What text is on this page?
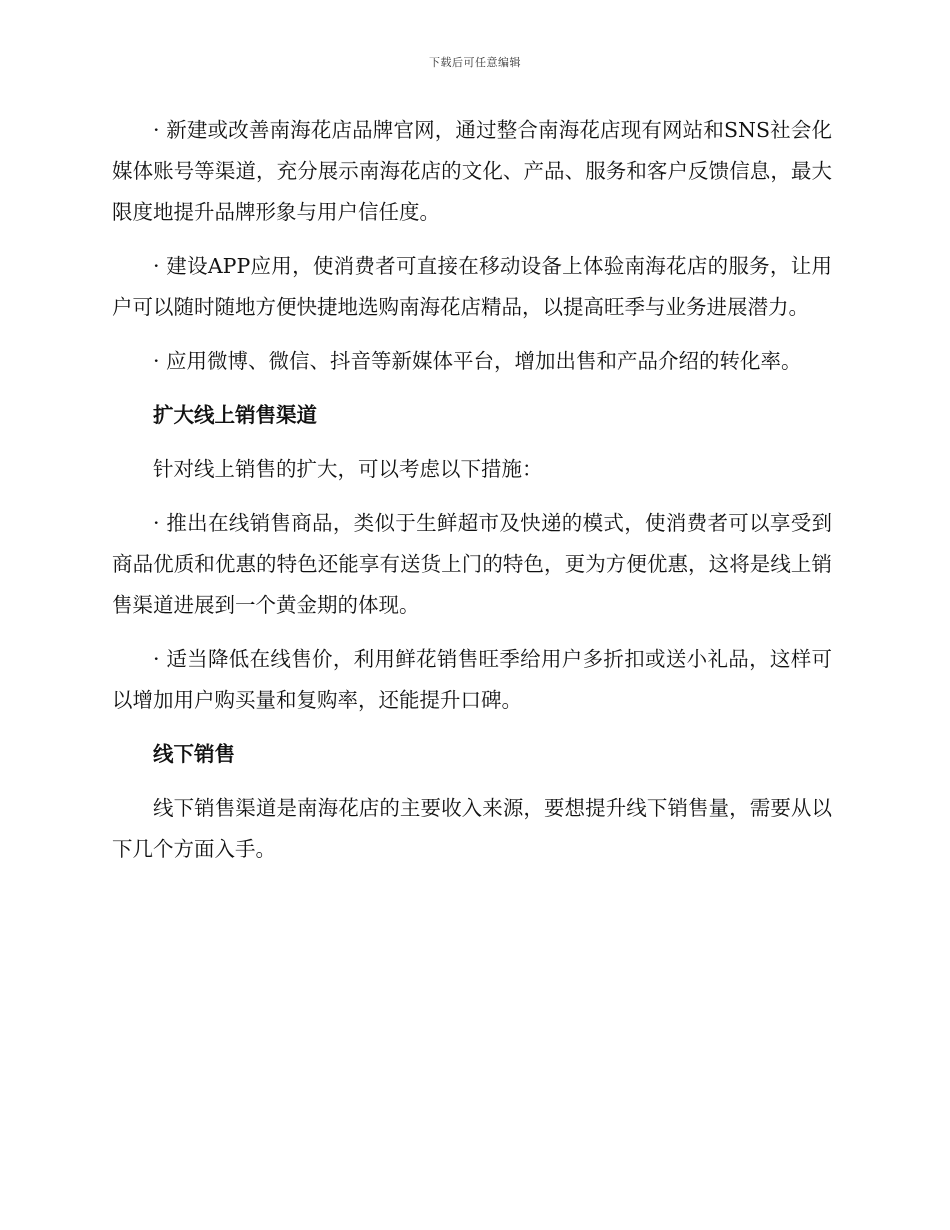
下载后可任意编辑

· 新建或改善南海花店品牌官网，通过整合南海花店现有网站和SNS社会化媒体账号等渠道，充分展示南海花店的文化、产品、服务和客户反馈信息，最大限度地提升品牌形象与用户信任度。

· 建设APP应用，使消费者可直接在移动设备上体验南海花店的服务，让用户可以随时随地方便快捷地选购南海花店精品，以提高旺季与业务进展潜力。

· 应用微博、微信、抖音等新媒体平台，增加出售和产品介绍的转化率。

扩大线上销售渠道

针对线上销售的扩大，可以考虑以下措施：

· 推出在线销售商品，类似于生鲜超市及快递的模式，使消费者可以享受到商品优质和优惠的特色还能享有送货上门的特色，更为方便优惠，这将是线上销售渠道进展到一个黄金期的体现。

· 适当降低在线售价，利用鲜花销售旺季给用户多折扣或送小礼品，这样可以增加用户购买量和复购率，还能提升口碑。

线下销售

线下销售渠道是南海花店的主要收入来源，要想提升线下销售量，需要从以下几个方面入手。
